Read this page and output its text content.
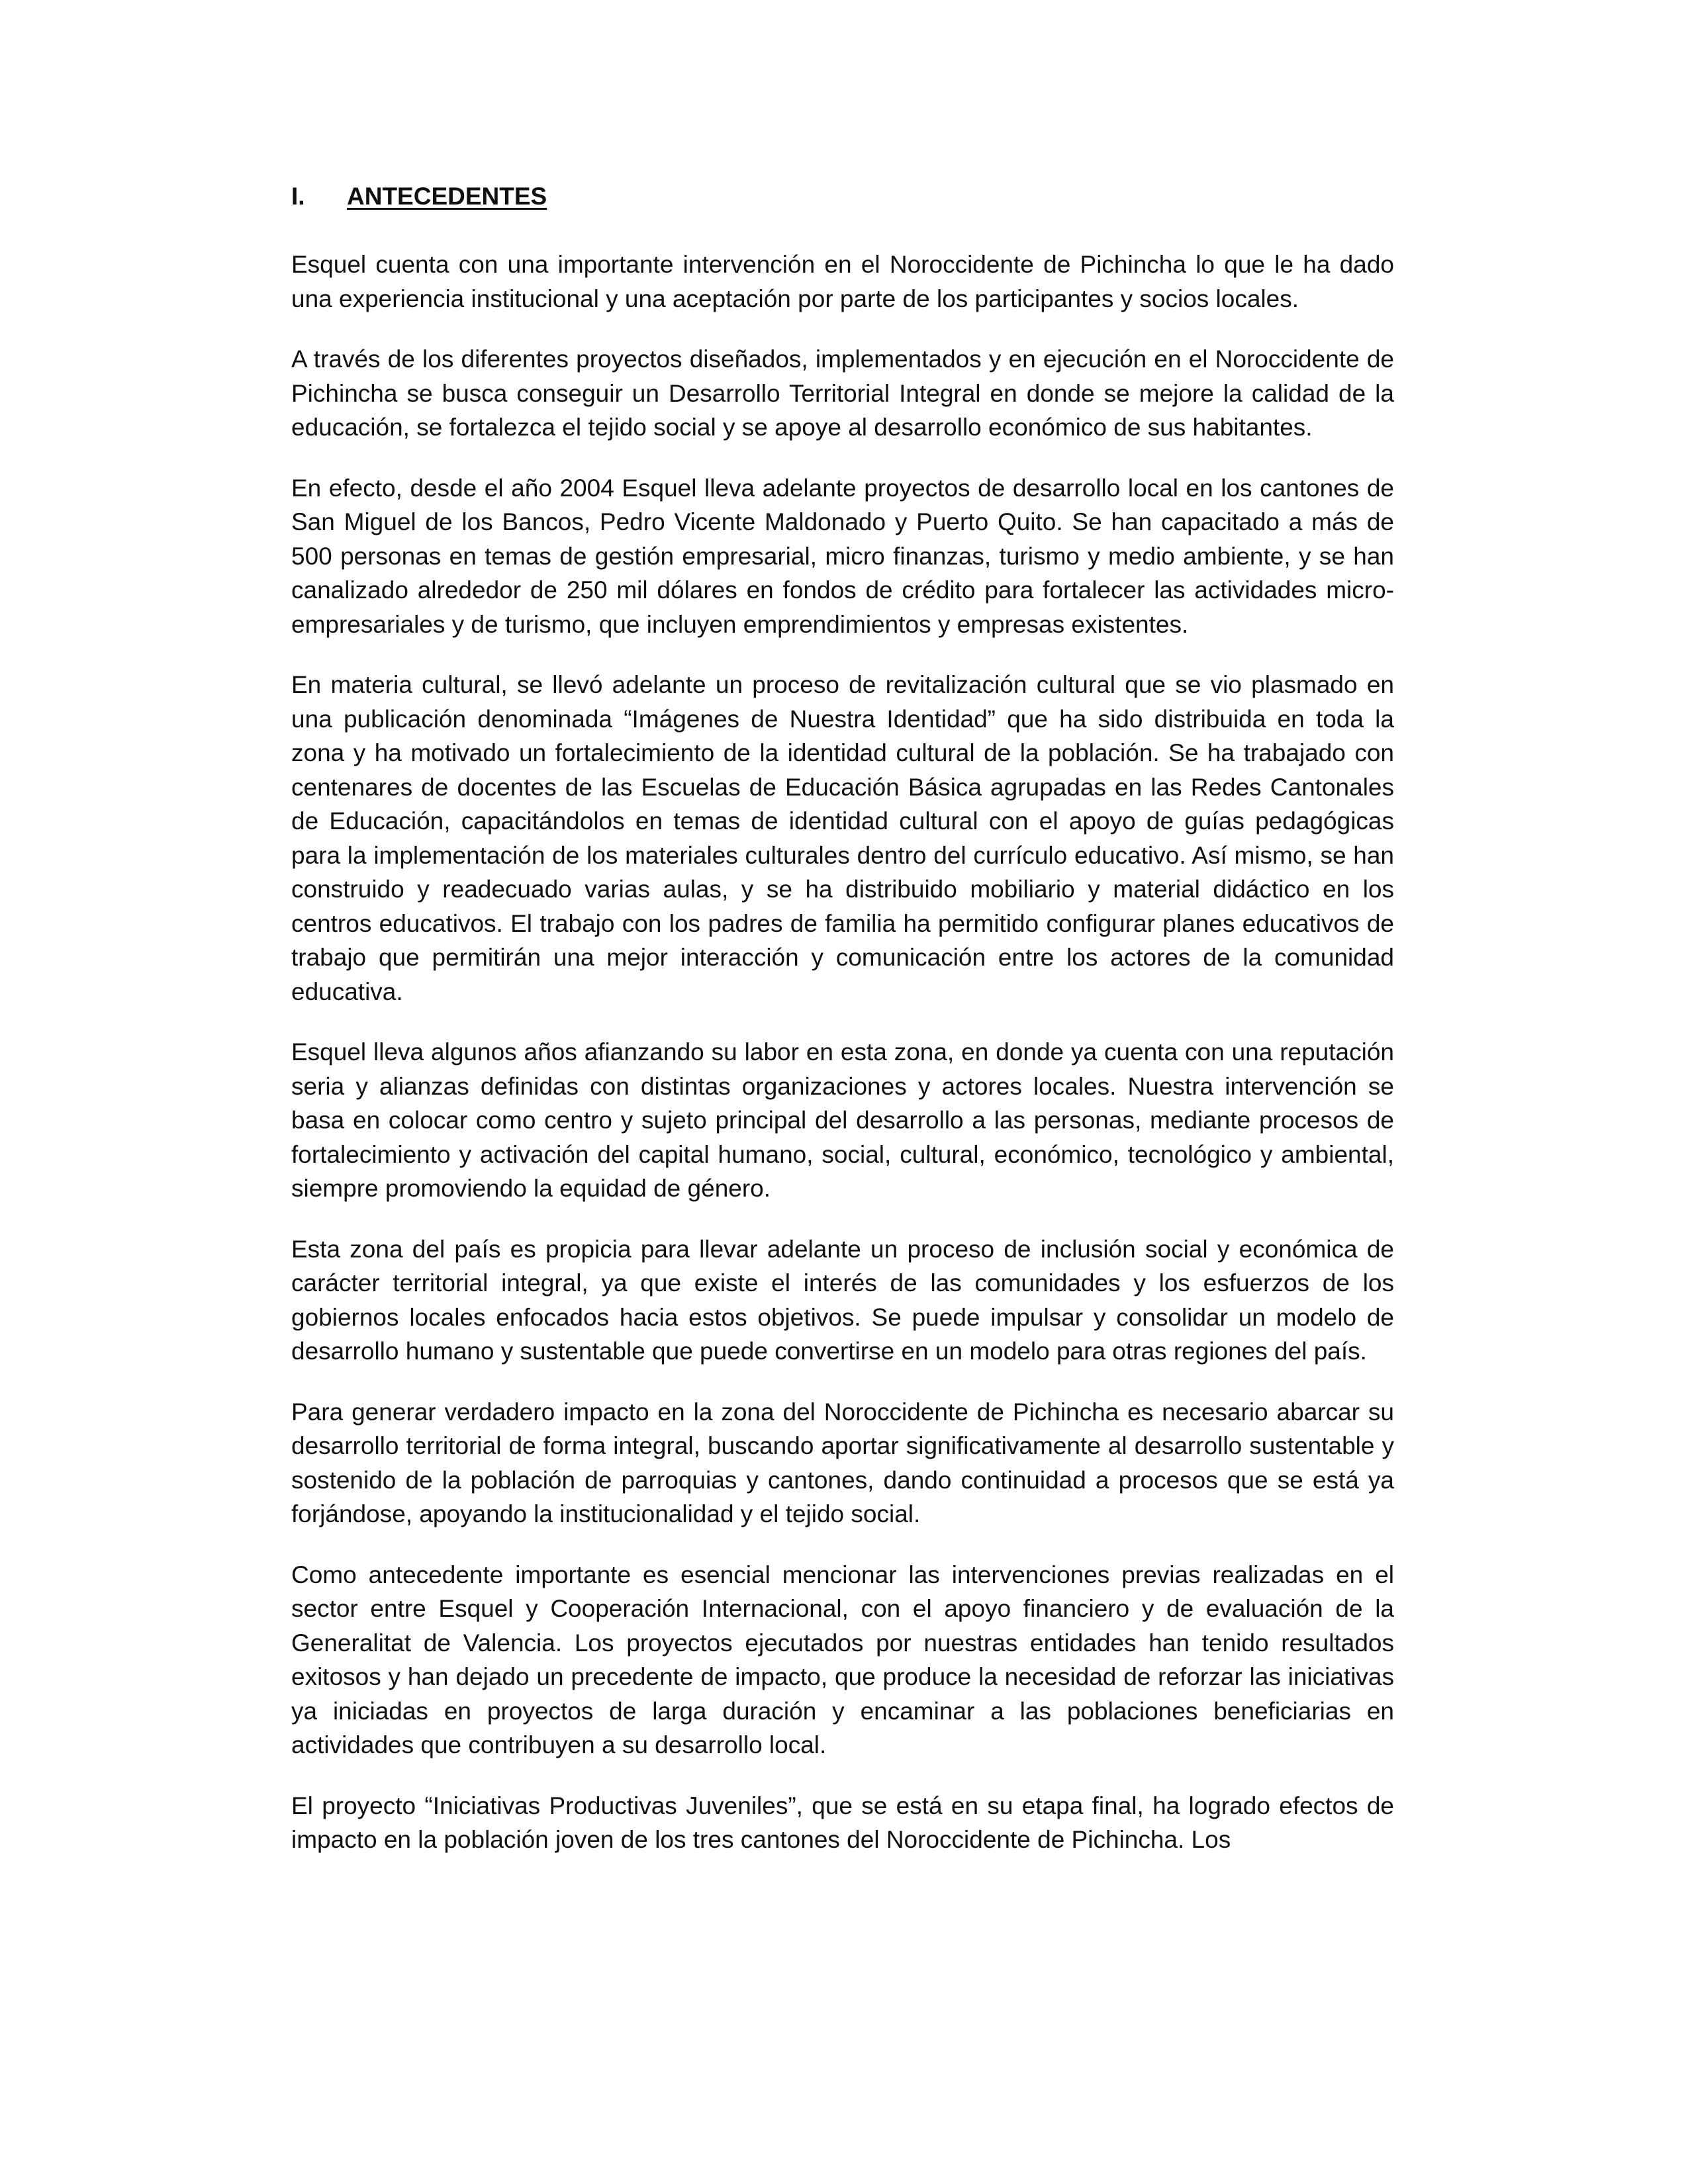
I.	ANTECEDENTES

Esquel cuenta con una importante intervención en el Noroccidente de Pichincha lo que le ha dado una experiencia institucional y una aceptación por parte de los participantes y socios locales.

A través de los diferentes proyectos diseñados, implementados y en ejecución en el Noroccidente de Pichincha se busca conseguir un Desarrollo Territorial Integral en donde se mejore la calidad de la educación, se fortalezca el tejido social y se apoye al desarrollo económico de sus habitantes.

En efecto, desde el año 2004 Esquel lleva adelante proyectos de desarrollo local en los cantones de San Miguel de los Bancos, Pedro Vicente Maldonado y Puerto Quito. Se han capacitado a más de 500 personas en temas de gestión empresarial, micro finanzas, turismo y medio ambiente, y se han canalizado alrededor de 250 mil dólares en fondos de crédito para fortalecer las actividades micro-empresariales y de turismo, que incluyen emprendimientos y empresas existentes.

En materia cultural, se llevó adelante un proceso de revitalización cultural que se vio plasmado en una publicación denominada “Imágenes de Nuestra Identidad” que ha sido distribuida en toda la zona y ha motivado un fortalecimiento de la identidad cultural de la población. Se ha trabajado con centenares de docentes de las Escuelas de Educación Básica agrupadas en las Redes Cantonales de Educación, capacitándolos en temas de identidad cultural con el apoyo de guías pedagógicas para la implementación de los materiales culturales dentro del currículo educativo. Así mismo, se han construido y readecuado varias aulas, y se ha distribuido mobiliario y material didáctico en los centros educativos. El trabajo con los padres de familia ha permitido configurar planes educativos de trabajo que permitirán una mejor interacción y comunicación entre los actores de la comunidad educativa.

Esquel lleva algunos años afianzando su labor en esta zona, en donde ya cuenta con una reputación seria y alianzas definidas con distintas organizaciones y actores locales. Nuestra intervención se basa en colocar como centro y sujeto principal del desarrollo a las personas, mediante procesos de fortalecimiento y activación del capital humano, social, cultural, económico, tecnológico y ambiental, siempre promoviendo la equidad de género.

Esta zona del país es propicia para llevar adelante un proceso de inclusión social y económica de carácter territorial integral, ya que existe el interés de las comunidades y los esfuerzos de los gobiernos locales enfocados hacia estos objetivos. Se puede impulsar y consolidar un modelo de desarrollo humano y sustentable que puede convertirse en un modelo para otras regiones del país.

Para generar verdadero impacto en la zona del Noroccidente de Pichincha es necesario abarcar su desarrollo territorial de forma integral, buscando aportar significativamente al desarrollo sustentable y sostenido de la población de parroquias y cantones, dando continuidad a procesos que se está ya forjándose, apoyando la institucionalidad y el tejido social.

Como antecedente importante es esencial mencionar las intervenciones previas realizadas en el sector entre Esquel y Cooperación Internacional, con el apoyo financiero y de evaluación de la Generalitat de Valencia. Los proyectos ejecutados por nuestras entidades han tenido resultados exitosos y han dejado un precedente de impacto, que produce la necesidad de reforzar las iniciativas ya iniciadas en proyectos de larga duración y encaminar a las poblaciones beneficiarias en actividades que contribuyen a su desarrollo local.

El proyecto “Iniciativas Productivas Juveniles”, que se está en su etapa final, ha logrado efectos de impacto en la población joven de los tres cantones del Noroccidente de Pichincha. Los
